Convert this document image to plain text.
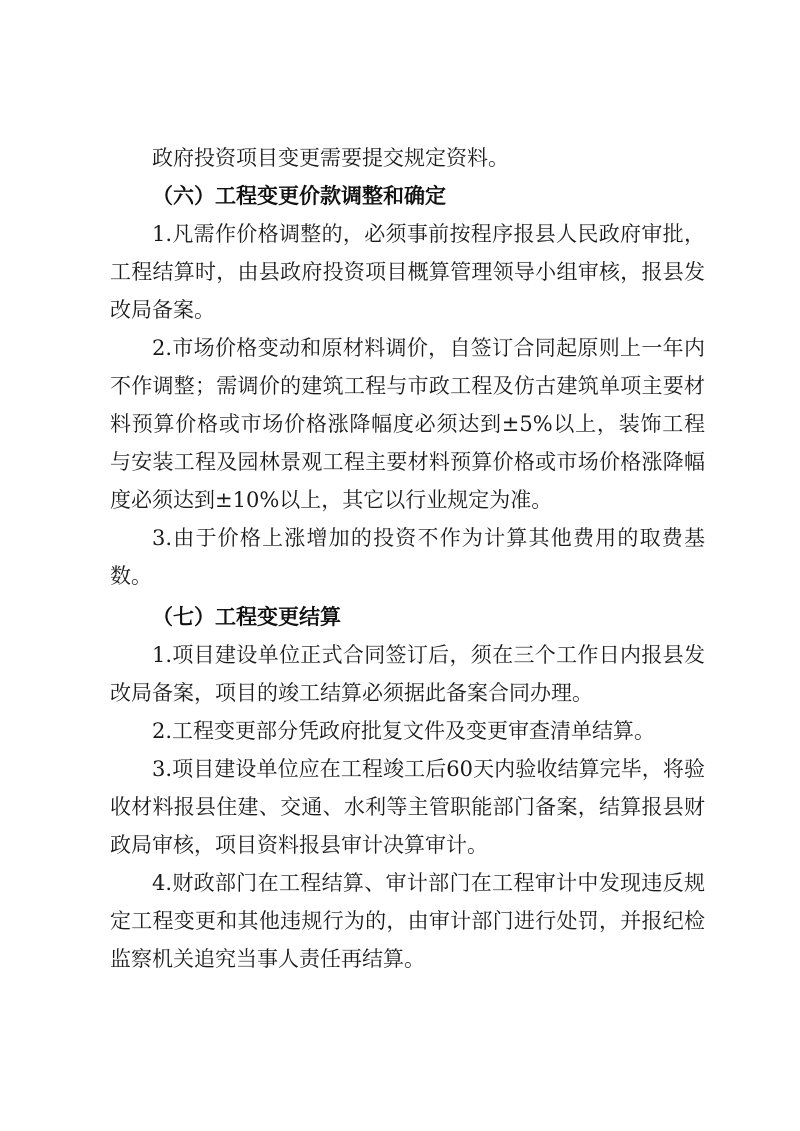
政府投资项目变更需要提交规定资料。

（六）工程变更价款调整和确定

1.凡需作价格调整的，必须事前按程序报县人民政府审批，工程结算时，由县政府投资项目概算管理领导小组审核，报县发改局备案。

2.市场价格变动和原材料调价，自签订合同起原则上一年内不作调整；需调价的建筑工程与市政工程及仿古建筑单项主要材料预算价格或市场价格涨降幅度必须达到±5%以上，装饰工程与安装工程及园林景观工程主要材料预算价格或市场价格涨降幅度必须达到±10%以上，其它以行业规定为准。

3.由于价格上涨增加的投资不作为计算其他费用的取费基数。

（七）工程变更结算

1.项目建设单位正式合同签订后，须在三个工作日内报县发改局备案，项目的竣工结算必须据此备案合同办理。

2.工程变更部分凭政府批复文件及变更审查清单结算。

3.项目建设单位应在工程竣工后60天内验收结算完毕，将验收材料报县住建、交通、水利等主管职能部门备案，结算报县财政局审核，项目资料报县审计决算审计。

4.财政部门在工程结算、审计部门在工程审计中发现违反规定工程变更和其他违规行为的，由审计部门进行处罚，并报纪检监察机关追究当事人责任再结算。
